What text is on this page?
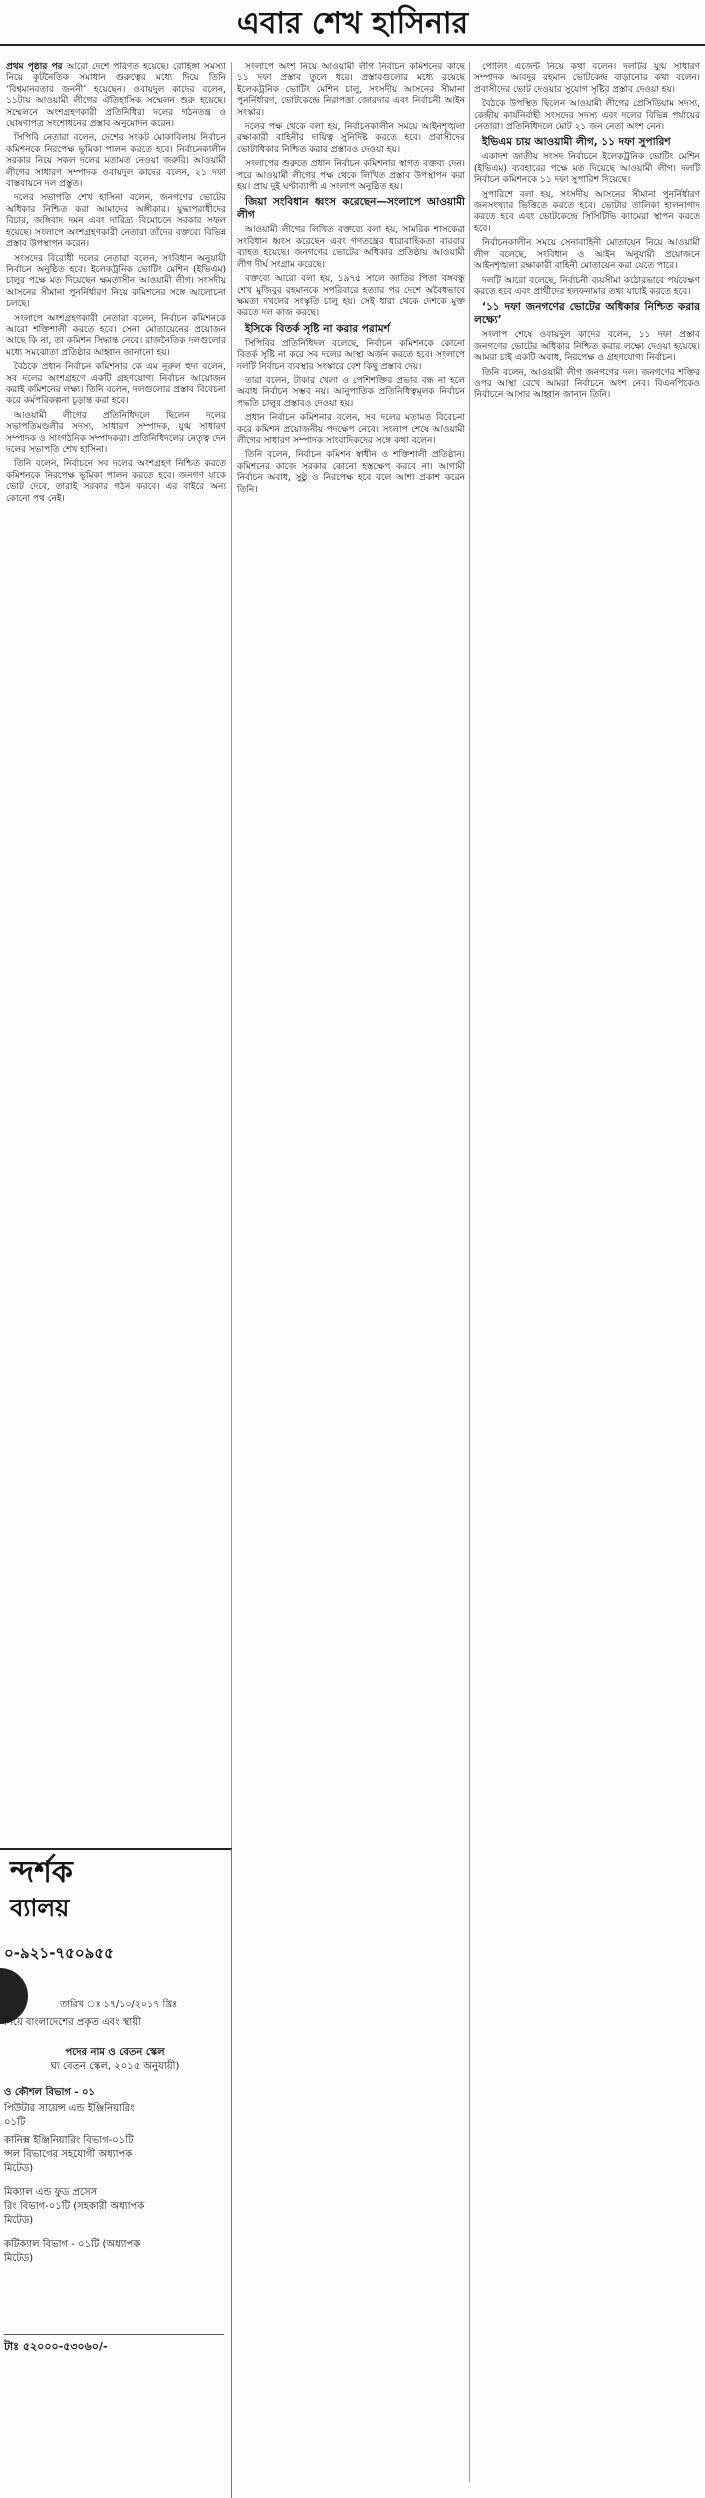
এবার শেখ হাসিনার

প্রথম পৃষ্ঠার পর আরো দেশে পরিণত হয়েছে। রোহিঙ্গা সমস্যা নিয়ে কূটনৈতিক সমাধান গুরুত্বের মধ্যে দিয়ে তিনি ‘বিশ্বমানবতার জননী’ হয়েছেন। ওবায়দুল কাদের বলেন, ১১টায় আওয়ামী লীগের ঐতিহাসিক সম্মেলন শুরু হয়েছে। সম্মেলনে অংশগ্রহণকারী প্রতিনিধিরা দলের গঠনতন্ত্র ও ঘোষণাপত্র সংশোধনের প্রস্তাব অনুমোদন করেন।

সিপিবি নেতারা বলেন, দেশের সংকট মোকাবিলায় নির্বাচন কমিশনকে নিরপেক্ষ ভূমিকা পালন করতে হবে। নির্বাচনকালীন সরকার নিয়ে সকল দলের মতামত নেওয়া জরুরি। আওয়ামী লীগের সাধারণ সম্পাদক ওবায়দুল কাদের বলেন, ২১ দফা বাস্তবায়নে দল প্রস্তুত।

দলের সভাপতি শেখ হাসিনা বলেন, জনগণের ভোটের অধিকার নিশ্চিত করা আমাদের অঙ্গীকার। যুদ্ধাপরাধীদের বিচার, জঙ্গিবাদ দমন এবং দারিদ্র্য বিমোচনে সরকার সফল হয়েছে। সংলাপে অংশগ্রহণকারী নেতারা তাঁদের বক্তব্যে বিভিন্ন প্রস্তাব উপস্থাপন করেন।

সংসদের বিরোধী দলের নেতারা বলেন, সংবিধান অনুযায়ী নির্বাচন অনুষ্ঠিত হবে। ইলেকট্রনিক ভোটিং মেশিন (ইভিএম) চালুর পক্ষে মত দিয়েছেন ক্ষমতাসীন আওয়ামী লীগ। সংসদীয় আসনের সীমানা পুনর্নির্ধারণ নিয়ে কমিশনের সঙ্গে আলোচনা চলছে।

সংলাপে অংশগ্রহণকারী নেতারা বলেন, নির্বাচন কমিশনকে আরো শক্তিশালী করতে হবে। সেনা মোতায়েনের প্রয়োজন আছে কি না, তা কমিশন সিদ্ধান্ত নেবে। রাজনৈতিক দলগুলোর মধ্যে সমঝোতা প্রতিষ্ঠার আহ্বান জানানো হয়।

বৈঠকে প্রধান নির্বাচন কমিশনার কে এম নূরুল হুদা বলেন, সব দলের অংশগ্রহণে একটি গ্রহণযোগ্য নির্বাচন আয়োজন করাই কমিশনের লক্ষ্য। তিনি বলেন, দলগুলোর প্রস্তাব বিবেচনা করে কর্মপরিকল্পনা চূড়ান্ত করা হবে।

আওয়ামী লীগের প্রতিনিধিদলে ছিলেন দলের সভাপতিমণ্ডলীর সদস্য, সাধারণ সম্পাদক, যুগ্ম সাধারণ সম্পাদক ও সাংগঠনিক সম্পাদকরা। প্রতিনিধিদলের নেতৃত্ব দেন দলের সভাপতি শেখ হাসিনা।

তিনি বলেন, নির্বাচনে সব দলের অংশগ্রহণ নিশ্চিত করতে কমিশনকে নিরপেক্ষ ভূমিকা পালন করতে হবে। জনগণ যাকে ভোট দেবে, তারাই সরকার গঠন করবে। এর বাইরে অন্য কোনো পথ নেই।

সংলাপে অংশ নিয়ে আওয়ামী লীগ নির্বাচন কমিশনের কাছে ১১ দফা প্রস্তাব তুলে ধরে। প্রস্তাবগুলোর মধ্যে রয়েছে ইলেকট্রনিক ভোটিং মেশিন চালু, সংসদীয় আসনের সীমানা পুনর্নির্ধারণ, ভোটকেন্দ্রে নিরাপত্তা জোরদার এবং নির্বাচনী আইন সংস্কার।

দলের পক্ষ থেকে বলা হয়, নির্বাচনকালীন সময়ে আইনশৃঙ্খলা রক্ষাকারী বাহিনীর দায়িত্ব সুনির্দিষ্ট করতে হবে। প্রবাসীদের ভোটাধিকার নিশ্চিত করার প্রস্তাবও দেওয়া হয়।

সংলাপের শুরুতে প্রধান নির্বাচন কমিশনার স্বাগত বক্তব্য দেন। পরে আওয়ামী লীগের পক্ষ থেকে লিখিত প্রস্তাব উপস্থাপন করা হয়। প্রায় দুই ঘণ্টাব্যাপী এ সংলাপ অনুষ্ঠিত হয়।

জিয়া সংবিধান ধ্বংস করেছেন—সংলাপে আওয়ামী লীগ

আওয়ামী লীগের লিখিত বক্তব্যে বলা হয়, সামরিক শাসকেরা সংবিধান ধ্বংস করেছেন এবং গণতন্ত্রের ধারাবাহিকতা বারবার ব্যাহত হয়েছে। জনগণের ভোটের অধিকার প্রতিষ্ঠায় আওয়ামী লীগ দীর্ঘ সংগ্রাম করেছে।

বক্তব্যে আরো বলা হয়, ১৯৭৫ সালে জাতির পিতা বঙ্গবন্ধু শেখ মুজিবুর রহমানকে সপরিবারে হত্যার পর দেশে অবৈধভাবে ক্ষমতা দখলের সংস্কৃতি চালু হয়। সেই ধারা থেকে দেশকে মুক্ত করতে দল কাজ করছে।

ইসিকে বিতর্ক সৃষ্টি না করার পরামর্শ

সিপিবির প্রতিনিধিদল বলেছে, নির্বাচন কমিশনকে কোনো বিতর্ক সৃষ্টি না করে সব দলের আস্থা অর্জন করতে হবে। সংলাপে দলটি নির্বাচন ব্যবস্থার সংস্কারে বেশ কিছু প্রস্তাব দেয়।

তারা বলেন, টাকার খেলা ও পেশিশক্তির প্রভাব বন্ধ না হলে অবাধ নির্বাচন সম্ভব নয়। আনুপাতিক প্রতিনিধিত্বমূলক নির্বাচন পদ্ধতি চালুর প্রস্তাবও দেওয়া হয়।

প্রধান নির্বাচন কমিশনার বলেন, সব দলের মতামত বিবেচনা করে কমিশন প্রয়োজনীয় পদক্ষেপ নেবে। সংলাপ শেষে আওয়ামী লীগের সাধারণ সম্পাদক সাংবাদিকদের সঙ্গে কথা বলেন।

তিনি বলেন, নির্বাচন কমিশন স্বাধীন ও শক্তিশালী প্রতিষ্ঠান। কমিশনের কাজে সরকার কোনো হস্তক্ষেপ করবে না। আগামী নির্বাচন অবাধ, সুষ্ঠু ও নিরপেক্ষ হবে বলে আশা প্রকাশ করেন তিনি।

পোলিং এজেন্ট নিয়ে কথা বলেন। দলটির যুগ্ম সাধারণ সম্পাদক আবদুর রহমান ভোটকেন্দ্র বাড়ানোর কথা বলেন। প্রবাসীদের ভোট দেওয়ার সুযোগ সৃষ্টির প্রস্তাব দেওয়া হয়।

বৈঠকে উপস্থিত ছিলেন আওয়ামী লীগের প্রেসিডিয়াম সদস্য, কেন্দ্রীয় কার্যনির্বাহী সংসদের সদস্য এবং দলের বিভিন্ন পর্যায়ের নেতারা। প্রতিনিধিদলে মোট ২১ জন নেতা অংশ নেন।

ইভিএম চায় আওয়ামী লীগ, ১১ দফা সুপারিশ

একাদশ জাতীয় সংসদ নির্বাচনে ইলেকট্রনিক ভোটিং মেশিন (ইভিএম) ব্যবহারের পক্ষে মত দিয়েছে আওয়ামী লীগ। দলটি নির্বাচন কমিশনকে ১১ দফা সুপারিশ দিয়েছে।

সুপারিশে বলা হয়, সংসদীয় আসনের সীমানা পুনর্নির্ধারণ জনসংখ্যার ভিত্তিতে করতে হবে। ভোটার তালিকা হালনাগাদ করতে হবে এবং ভোটকেন্দ্রে সিসিটিভি ক্যামেরা স্থাপন করতে হবে।

নির্বাচনকালীন সময়ে সেনাবাহিনী মোতায়েন নিয়ে আওয়ামী লীগ বলেছে, সংবিধান ও আইন অনুযায়ী প্রয়োজনে আইনশৃঙ্খলা রক্ষাকারী বাহিনী মোতায়েন করা যেতে পারে।

দলটি আরো বলেছে, নির্বাচনী ব্যয়সীমা কঠোরভাবে পর্যবেক্ষণ করতে হবে এবং প্রার্থীদের হলফনামার তথ্য যাচাই করতে হবে।

‘১১ দফা জনগণের ভোটের অধিকার নিশ্চিত করার লক্ষ্যে’

সংলাপ শেষে ওবায়দুল কাদের বলেন, ১১ দফা প্রস্তাব জনগণের ভোটের অধিকার নিশ্চিত করার লক্ষ্যে দেওয়া হয়েছে। আমরা চাই একটি অবাধ, নিরপেক্ষ ও গ্রহণযোগ্য নির্বাচন।

তিনি বলেন, আওয়ামী লীগ জনগণের দল। জনগণের শক্তির ওপর আস্থা রেখে আমরা নির্বাচনে অংশ নেব। বিএনপিকেও নির্বাচনে আসার আহ্বান জানান তিনি।

ন্দর্শক
ব্যালয়
০-৯২১-৭৫০৯৫৫
তারিখ ঃ ১৭/১০/২০১৭ খ্রিঃ
নিয়ে বাংলাদেশের প্রকৃত এবং স্থায়ী
পদের নাম ও বেতন স্কেল
ঘ্য বেতন স্কেল, ২০১৫ অনুযায়ী)
ও কৌশল বিভাগ - ০১
পিউটার সায়েন্স এন্ড ইঞ্জিনিয়ারিং
০১টি
কানিক্স ইঞ্জিনিয়ারিং বিভাগ-০১টি
প্সল বিভাগের সহযোগী অধ্যাপক
মিটেড)
মিক্যাল এন্ড ফুড প্রসেস
রিং বিভাগ-০১টি (সহকারী অধ্যাপক
মিটেড)
কটিক্যাল বিভাগ - ০১টি (অধ্যাপক
মিটেড)
টাঃ ৫২০০০-৫৩০৬০/-
